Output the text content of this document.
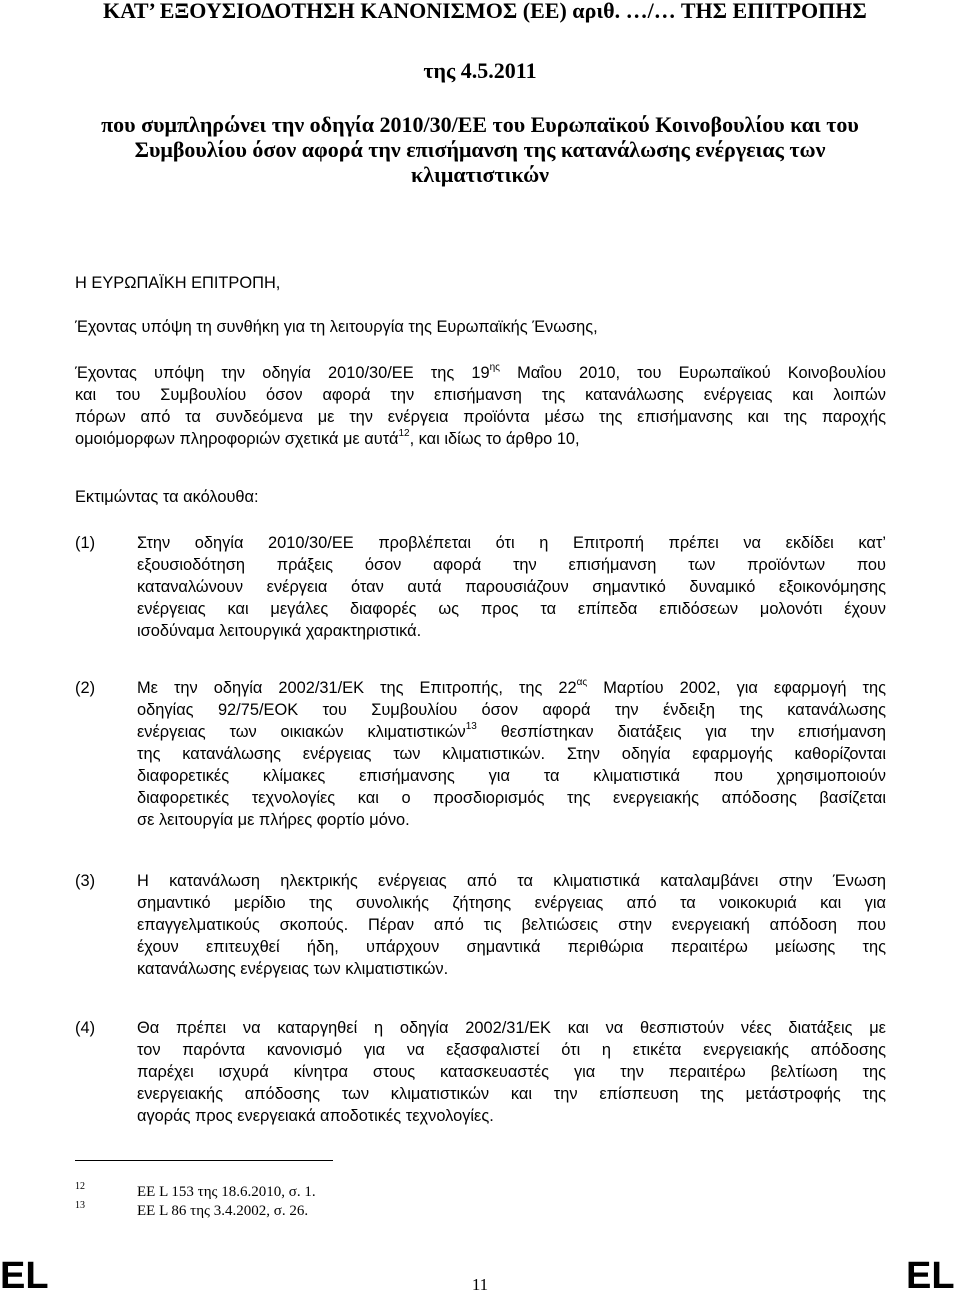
ΚΑΤ’ ΕΞΟΥΣΙΟΔΟΤΗΣΗ ΚΑΝΟΝΙΣΜΟΣ (ΕΕ) αριθ. …/… ΤΗΣ ΕΠΙΤΡΟΠΗΣ
της 4.5.2011
που συμπληρώνει την οδηγία 2010/30/ΕΕ του Ευρωπαϊκού Κοινοβουλίου και του
Συμβουλίου όσον αφορά την επισήμανση της κατανάλωσης ενέργειας των
κλιματιστικών
Η ΕΥΡΩΠΑΪΚΗ ΕΠΙΤΡΟΠΗ,
Έχοντας υπόψη τη συνθήκη για τη λειτουργία της Ευρωπαϊκής Ένωσης,
Έχοντας υπόψη την οδηγία 2010/30/ΕΕ της $19^{\eta\varsigma}$ Μαΐου 2010, του Ευρωπαϊκού Κοινοβουλίου
και του Συμβουλίου όσον αφορά την επισήμανση της κατανάλωσης ενέργειας και λοιπών
πόρων από τα συνδεόμενα με την ενέργεια προϊόντα μέσω της επισήμανσης και της παροχής
ομοιόμορφων πληροφοριών σχετικά με αυτά$^{12}$, και ιδίως το άρθρο 10,
Εκτιμώντας τα ακόλουθα:
(1)	Στην οδηγία 2010/30/ΕΕ προβλέπεται ότι η Επιτροπή πρέπει να εκδίδει κατ’
εξουσιοδότηση πράξεις όσον αφορά την επισήμανση των προϊόντων που
καταναλώνουν ενέργεια όταν αυτά παρουσιάζουν σημαντικό δυναμικό εξοικονόμησης
ενέργειας και μεγάλες διαφορές ως προς τα επίπεδα επιδόσεων μολονότι έχουν
ισοδύναμα λειτουργικά χαρακτηριστικά.
(2)	Με την οδηγία 2002/31/ΕΚ της Επιτροπής, της $22^{\alpha\varsigma}$ Μαρτίου 2002, για εφαρμογή της
οδηγίας 92/75/ΕΟΚ του Συμβουλίου όσον αφορά την ένδειξη της κατανάλωσης
ενέργειας των οικιακών κλιματιστικών$^{13}$ θεσπίστηκαν διατάξεις για την επισήμανση
της κατανάλωσης ενέργειας των κλιματιστικών. Στην οδηγία εφαρμογής καθορίζονται
διαφορετικές κλίμακες επισήμανσης για τα κλιματιστικά που χρησιμοποιούν
διαφορετικές τεχνολογίες και ο προσδιορισμός της ενεργειακής απόδοσης βασίζεται
σε λειτουργία με πλήρες φορτίο μόνο.
(3)	Η κατανάλωση ηλεκτρικής ενέργειας από τα κλιματιστικά καταλαμβάνει στην Ένωση
σημαντικό μερίδιο της συνολικής ζήτησης ενέργειας από τα νοικοκυριά και για
επαγγελματικούς σκοπούς. Πέραν από τις βελτιώσεις στην ενεργειακή απόδοση που
έχουν επιτευχθεί ήδη, υπάρχουν σημαντικά περιθώρια περαιτέρω μείωσης της
κατανάλωσης ενέργειας των κλιματιστικών.
(4)	Θα πρέπει να καταργηθεί η οδηγία 2002/31/ΕΚ και να θεσπιστούν νέες διατάξεις με
τον παρόντα κανονισμό για να εξασφαλιστεί ότι η ετικέτα ενεργειακής απόδοσης
παρέχει ισχυρά κίνητρα στους κατασκευαστές για την περαιτέρω βελτίωση της
ενεργειακής απόδοσης των κλιματιστικών και την επίσπευση της μετάστροφής της
αγοράς προς ενεργειακά αποδοτικές τεχνολογίες.
12	EE L 153 της 18.6.2010, σ. 1.
13	EE L 86 της 3.4.2002, σ. 26.
EL	11	EL
